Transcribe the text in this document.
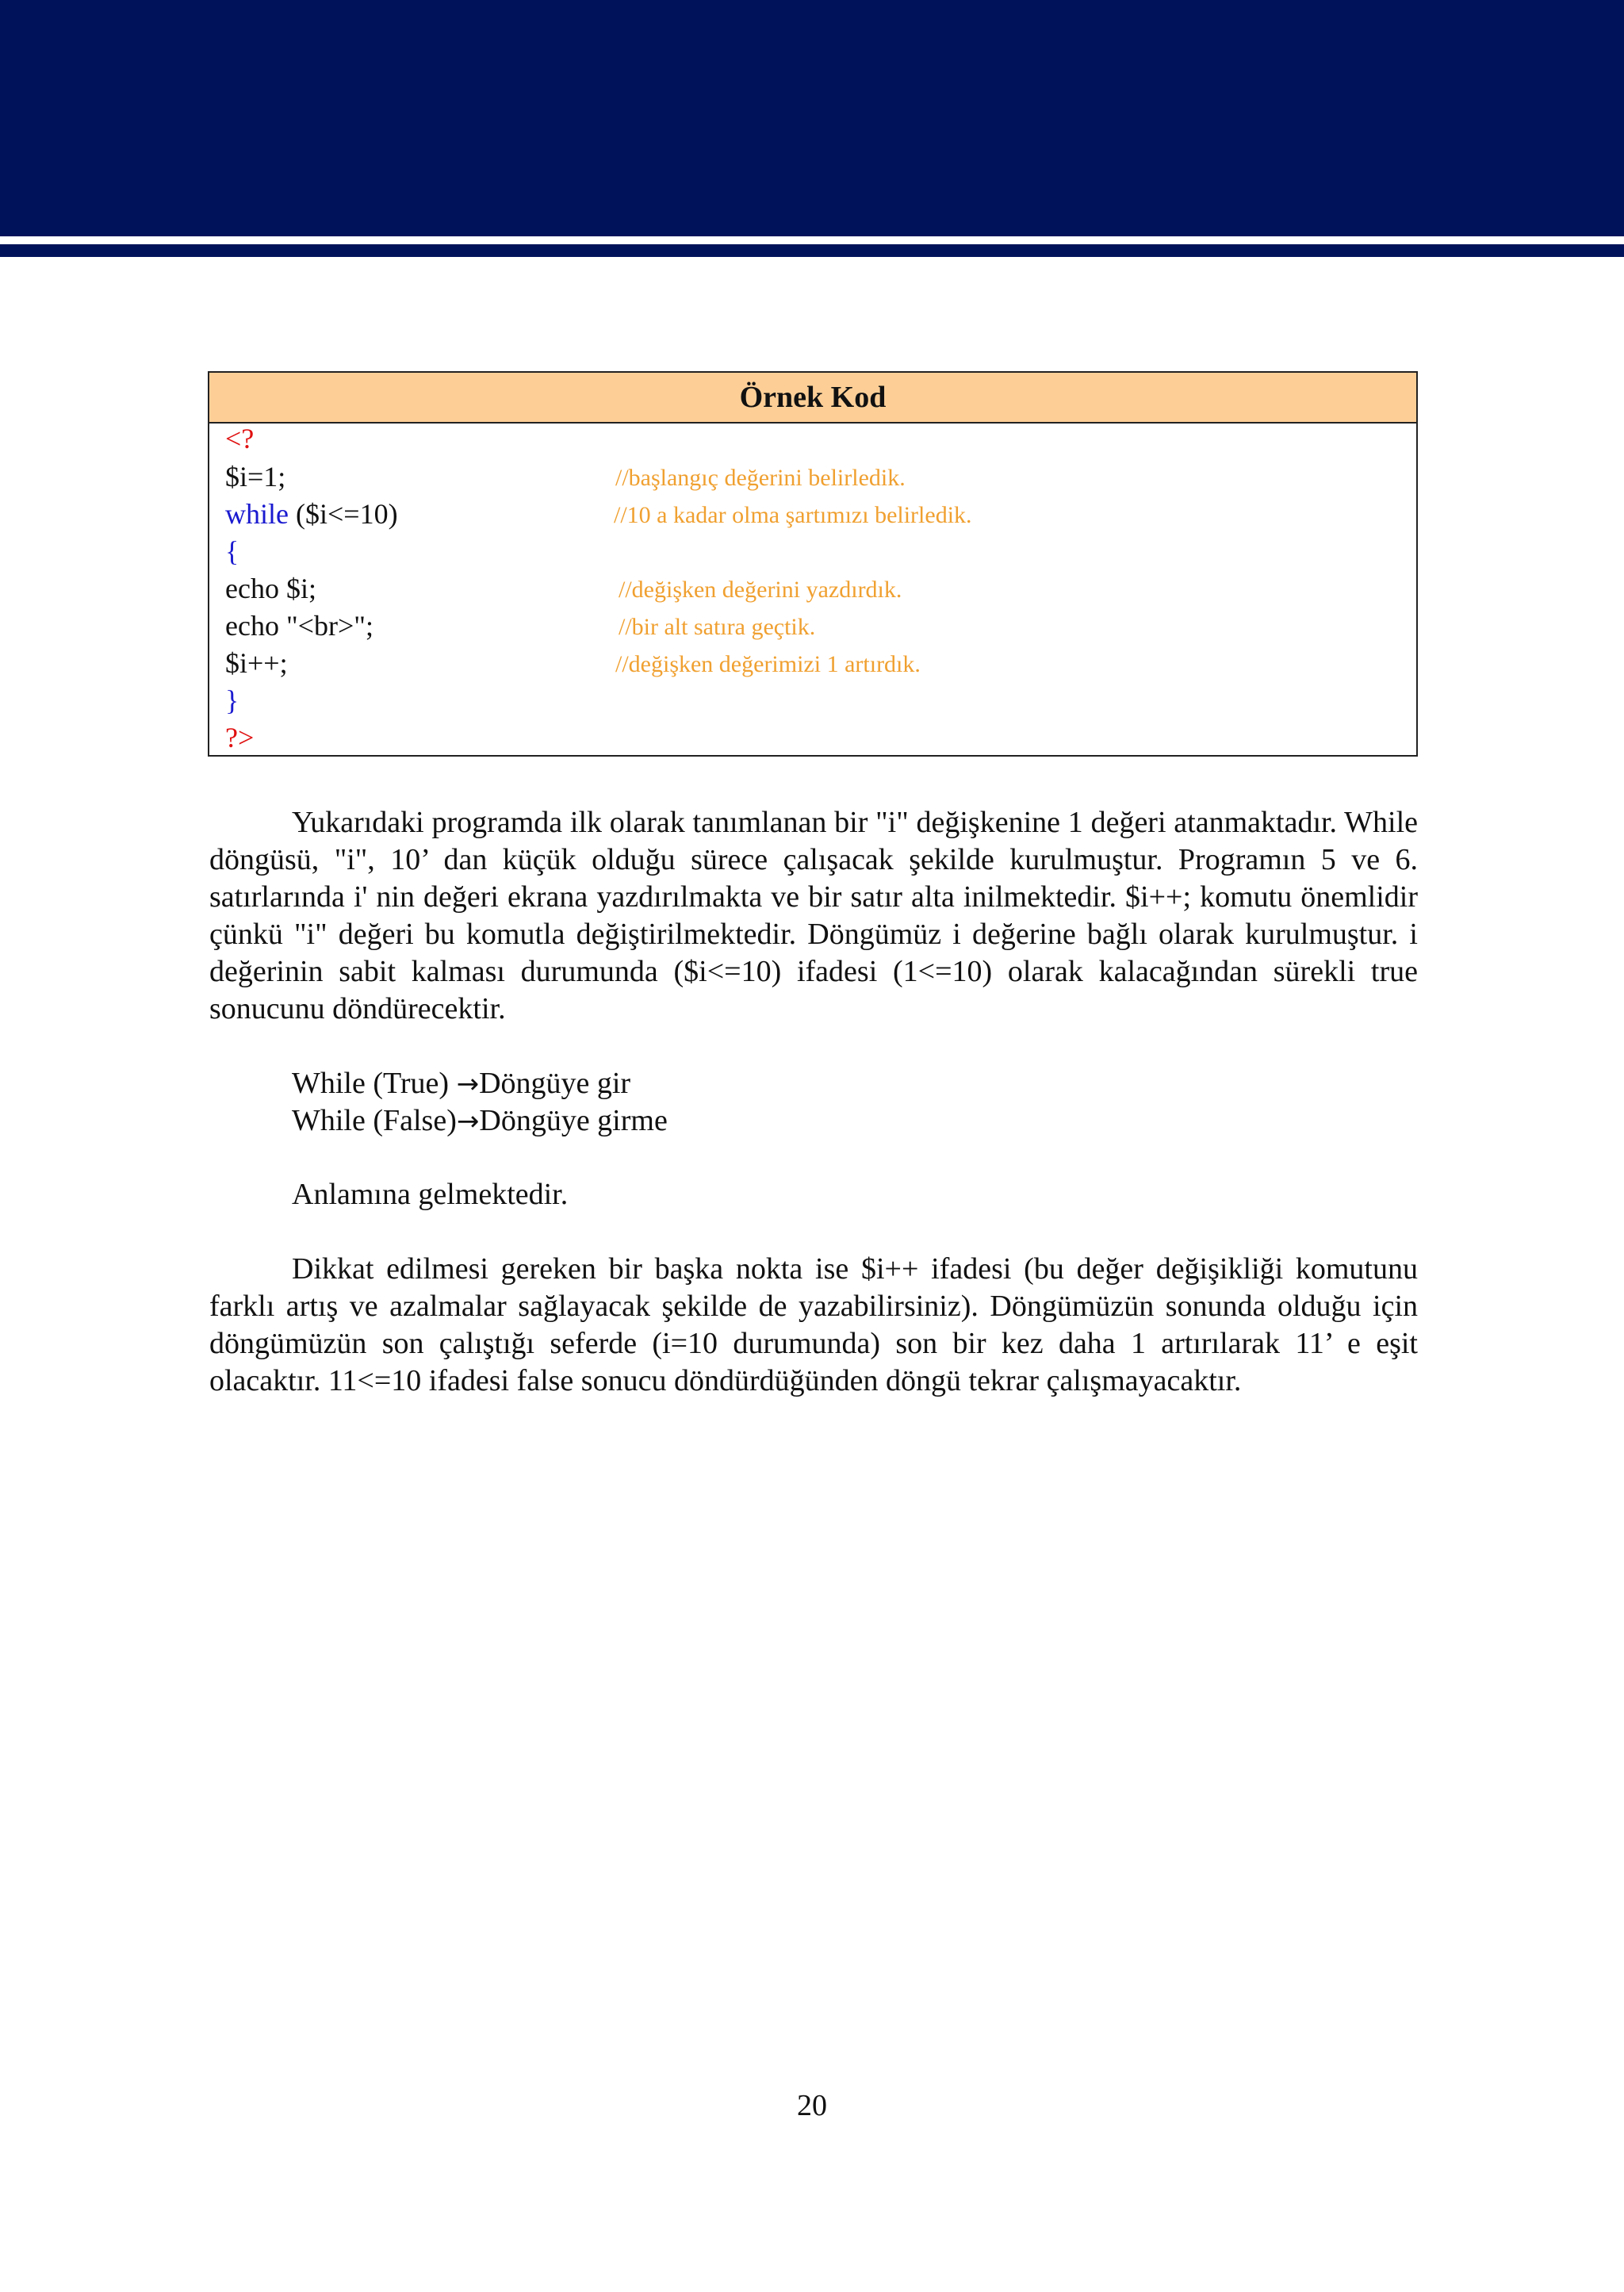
Örnek Kod
<?
$i=1;
while ($i<=10)
{
echo $i;
echo "<br>";
$i++;
}
?>
//başlangıç değerini belirledik.
//10 a kadar olma şartımızı belirledik.
//değişken değerini yazdırdık.
//bir alt satıra geçtik.
//değişken değerimizi 1 artırdık.

Yukarıdaki programda ilk olarak tanımlanan bir "i" değişkenine 1 değeri atanmaktadır. While döngüsü, "i", 10’ dan küçük olduğu sürece çalışacak şekilde kurulmuştur. Programın 5 ve 6. satırlarında i' nin değeri ekrana yazdırılmakta ve bir satır alta inilmektedir. $i++; komutu önemlidir çünkü "i" değeri bu komutla değiştirilmektedir. Döngümüz i değerine bağlı olarak kurulmuştur. i değerinin sabit kalması durumunda ($i<=10) ifadesi (1<=10) olarak kalacağından sürekli true sonucunu döndürecektir.

While (True) →Döngüye gir
While (False)→Döngüye girme

Anlamına gelmektedir.

Dikkat edilmesi gereken bir başka nokta ise $i++ ifadesi (bu değer değişikliği komutunu farklı artış ve azalmalar sağlayacak şekilde de yazabilirsiniz). Döngümüzün sonunda olduğu için döngümüzün son çalıştığı seferde (i=10 durumunda) son bir kez daha 1 artırılarak 11’ e eşit olacaktır. 11<=10 ifadesi false sonucu döndürdüğünden döngü tekrar çalışmayacaktır.

20
